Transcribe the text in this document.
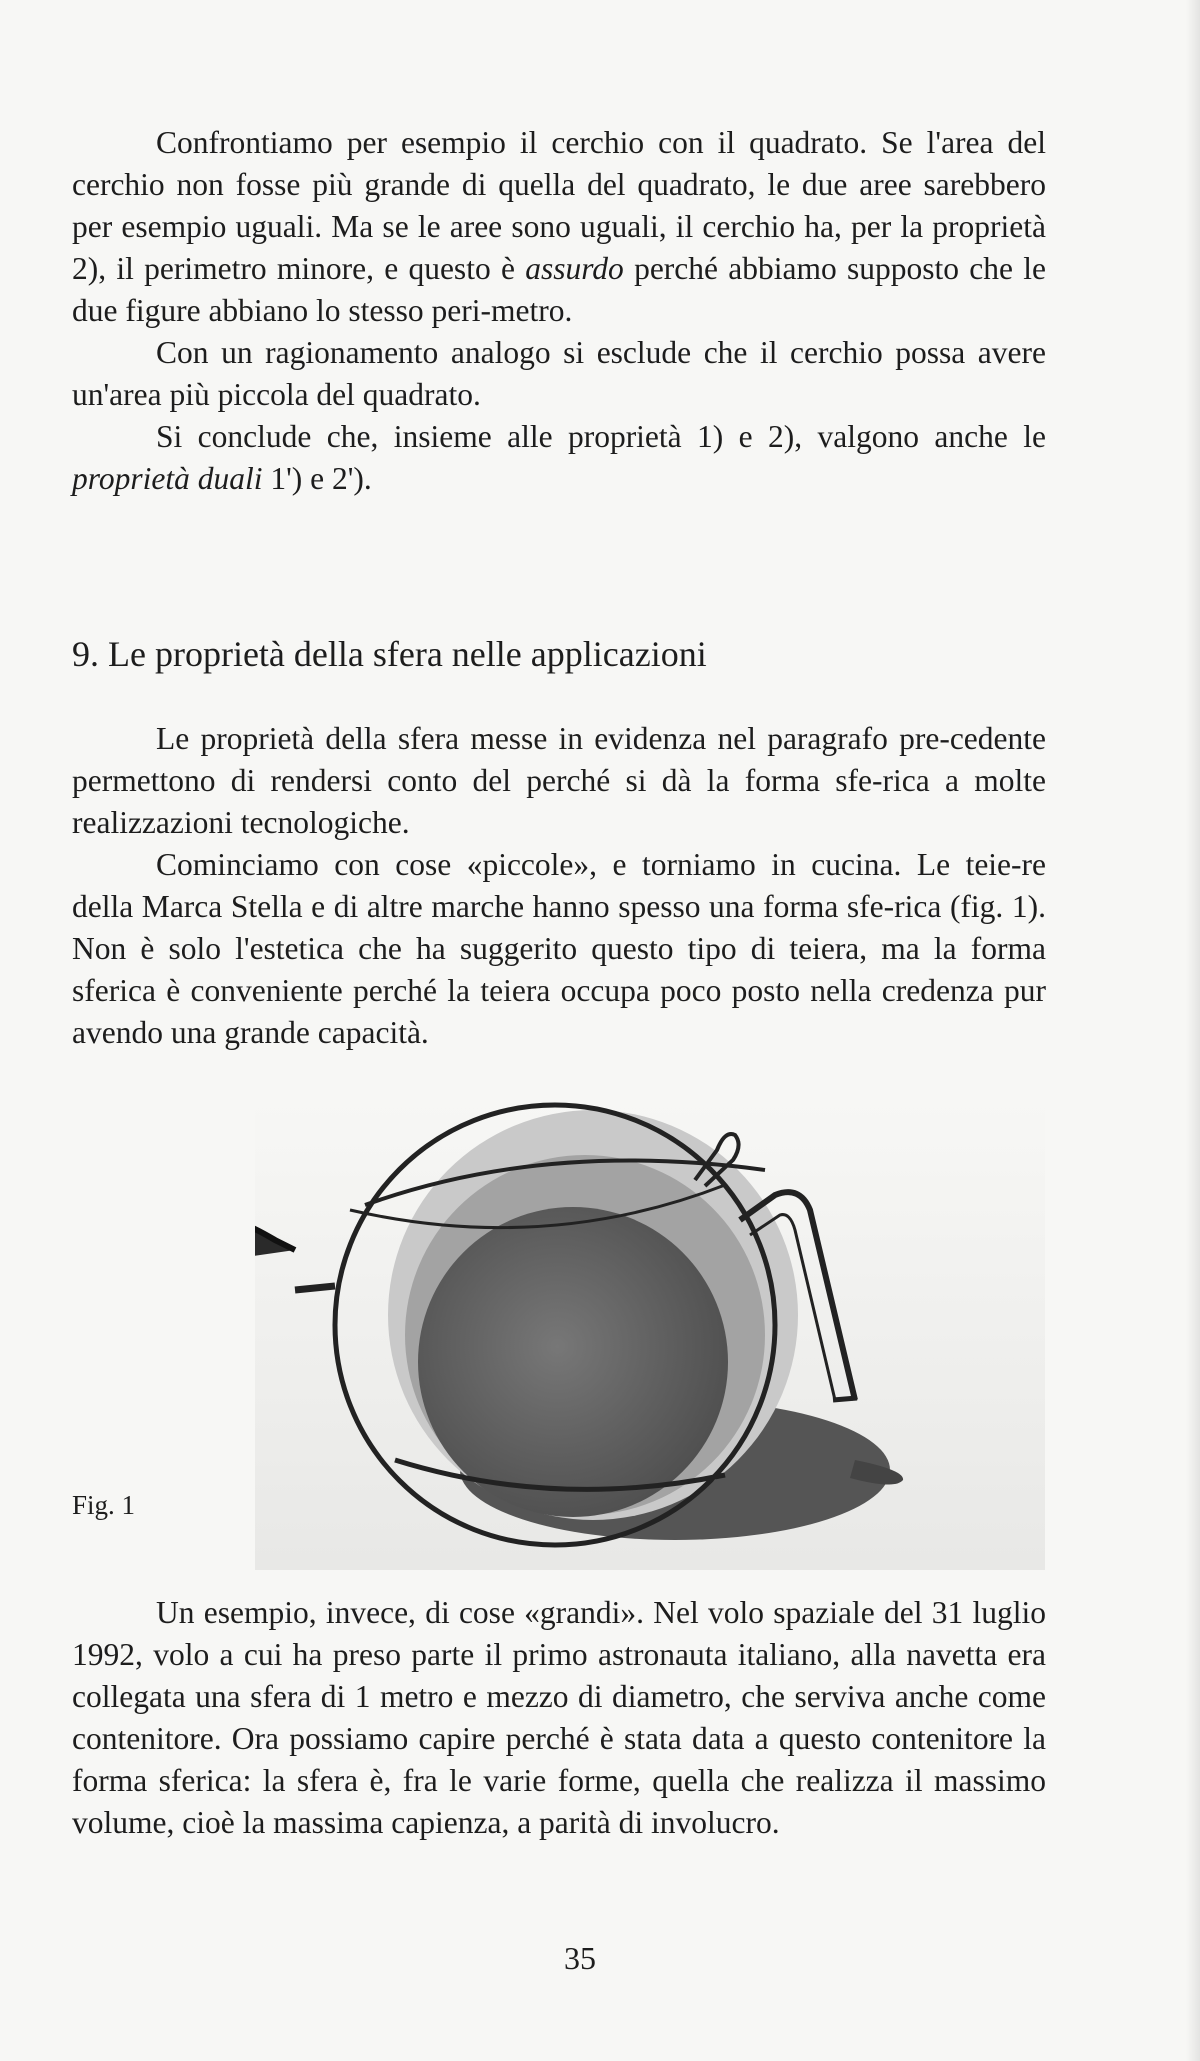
Confrontiamo per esempio il cerchio con il quadrato. Se l'area del cerchio non fosse più grande di quella del quadrato, le due aree sarebbero per esempio uguali. Ma se le aree sono uguali, il cerchio ha, per la proprietà 2), il perimetro minore, e questo è assurdo perché abbiamo supposto che le due figure abbiano lo stesso peri-metro.

Con un ragionamento analogo si esclude che il cerchio possa avere un'area più piccola del quadrato.

Si conclude che, insieme alle proprietà 1) e 2), valgono anche le proprietà duali 1') e 2').

9. Le proprietà della sfera nelle applicazioni

Le proprietà della sfera messe in evidenza nel paragrafo pre-cedente permettono di rendersi conto del perché si dà la forma sfe-rica a molte realizzazioni tecnologiche.

Cominciamo con cose «piccole», e torniamo in cucina. Le teie-re della Marca Stella e di altre marche hanno spesso una forma sfe-rica (fig. 1). Non è solo l'estetica che ha suggerito questo tipo di teiera, ma la forma sferica è conveniente perché la teiera occupa poco posto nella credenza pur avendo una grande capacità.

Fig. 1

Un esempio, invece, di cose «grandi». Nel volo spaziale del 31 luglio 1992, volo a cui ha preso parte il primo astronauta italiano, alla navetta era collegata una sfera di 1 metro e mezzo di diametro, che serviva anche come contenitore. Ora possiamo capire perché è stata data a questo contenitore la forma sferica: la sfera è, fra le varie forme, quella che realizza il massimo volume, cioè la massima capienza, a parità di involucro.

35
